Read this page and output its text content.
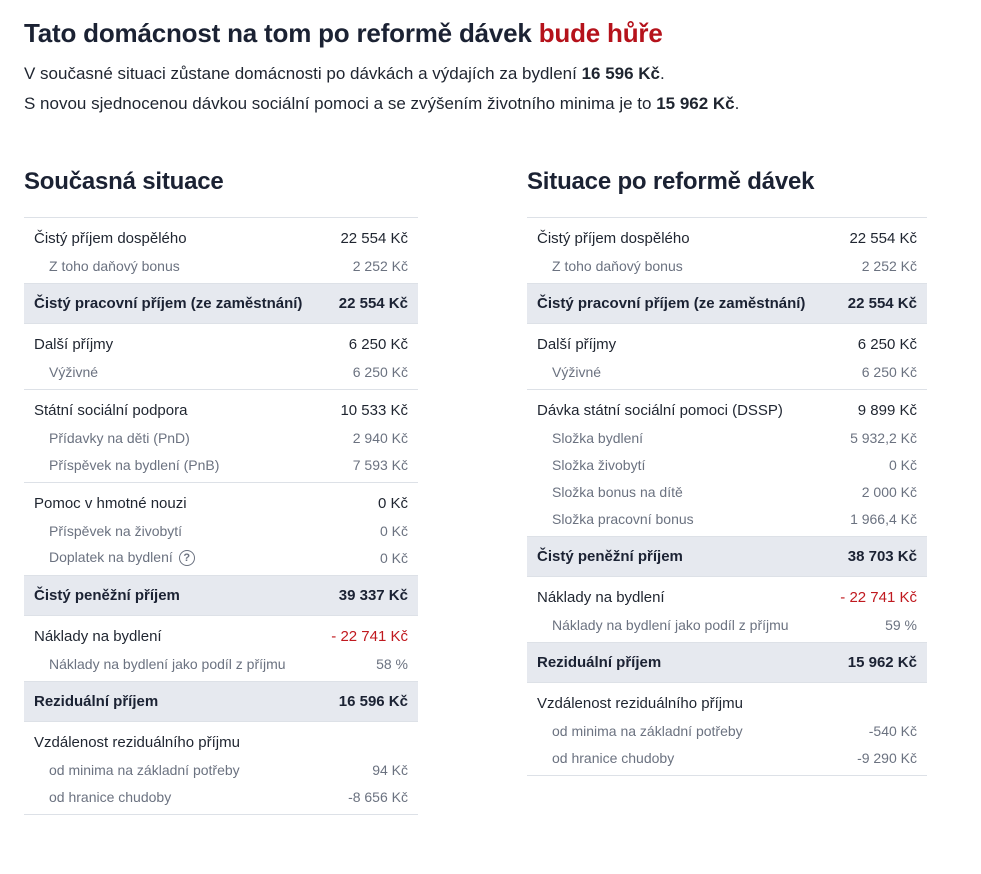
Tato domácnost na tom po reformě dávek bude hůře
V současné situaci zůstane domácnosti po dávkách a výdajích za bydlení 16 596 Kč.
S novou sjednocenou dávkou sociální pomoci a se zvýšením životního minima je to 15 962 Kč.
Současná situace
Čistý příjem dospělého	22 554 Kč
Z toho daňový bonus	2 252 Kč
Čistý pracovní příjem (ze zaměstnání) 22 554 Kč
Další příjmy	6 250 Kč
Výživné	6 250 Kč
Státní sociální podpora	10 533 Kč
Přídavky na děti (PnD)	2 940 Kč
Příspěvek na bydlení (PnB)	7 593 Kč
Pomoc v hmotné nouzi	0 Kč
Příspěvek na živobytí	0 Kč
Doplatek na bydlení ?	0 Kč
Čistý peněžní příjem	39 337 Kč
Náklady na bydlení	- 22 741 Kč
Náklady na bydlení jako podíl z příjmu	58 %
Reziduální příjem	16 596 Kč
Vzdálenost reziduálního příjmu
od minima na základní potřeby	94 Kč
od hranice chudoby	-8 656 Kč
Situace po reformě dávek
Čistý příjem dospělého	22 554 Kč
Z toho daňový bonus	2 252 Kč
Čistý pracovní příjem (ze zaměstnání)	22 554 Kč
Další příjmy	6 250 Kč
Výživné	6 250 Kč
Dávka státní sociální pomoci (DSSP)	9 899 Kč
Složka bydlení	5 932,2 Kč
Složka živobytí	0 Kč
Složka bonus na dítě	2 000 Kč
Složka pracovní bonus	1 966,4 Kč
Čistý peněžní příjem	38 703 Kč
Náklady na bydlení	- 22 741 Kč
Náklady na bydlení jako podíl z příjmu	59 %
Reziduální příjem	15 962 Kč
Vzdálenost reziduálního příjmu
od minima na základní potřeby	-540 Kč
od hranice chudoby	-9 290 Kč
